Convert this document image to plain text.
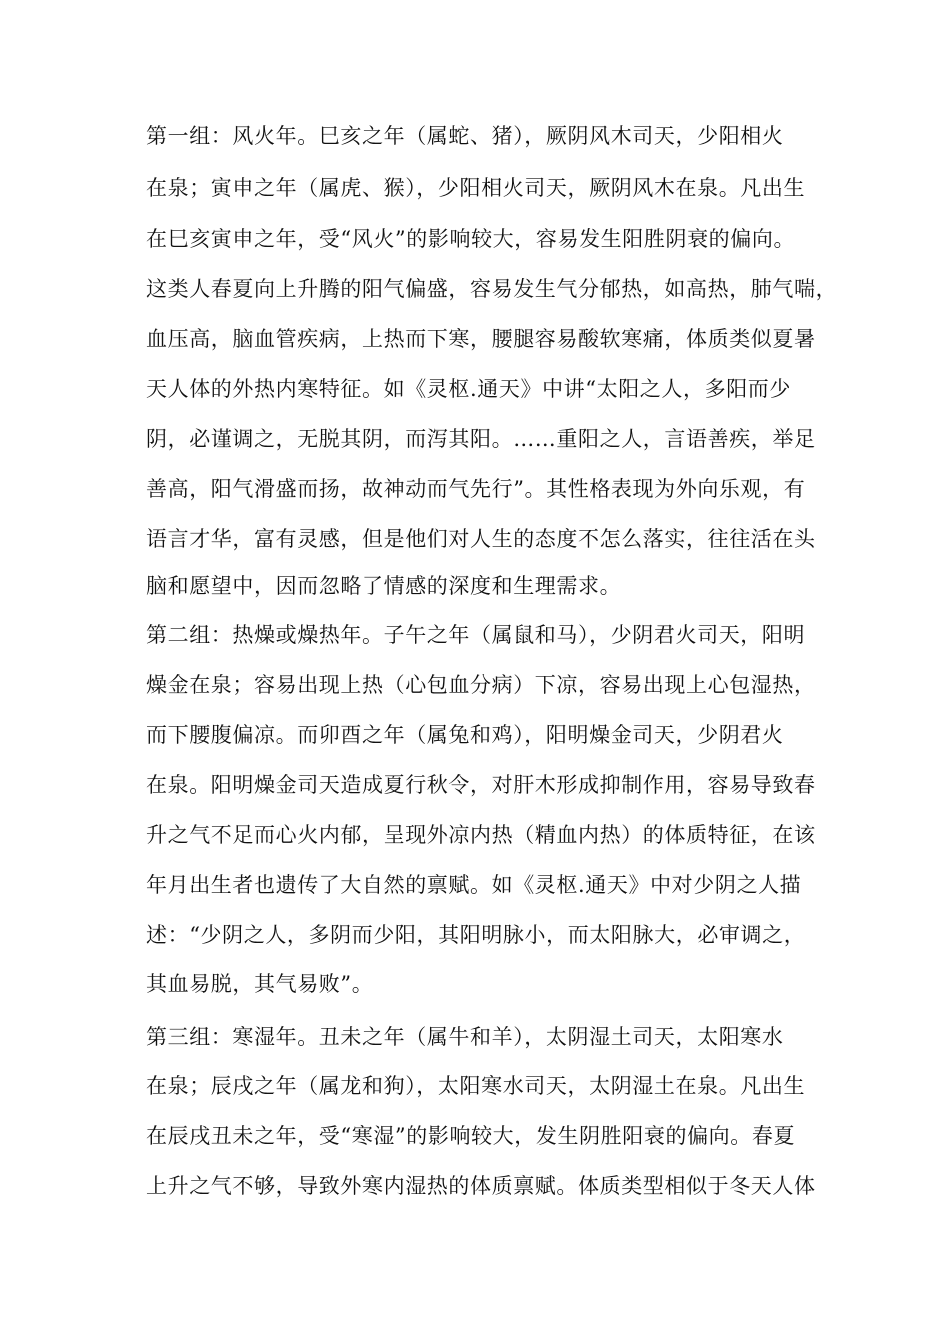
第一组：风火年。巳亥之年（属蛇、猪），厥阴风木司天，少阳相火
在泉；寅申之年（属虎、猴），少阳相火司天，厥阴风木在泉。凡出生
在巳亥寅申之年，受“风火”的影响较大，容易发生阳胜阴衰的偏向。
这类人春夏向上升腾的阳气偏盛，容易发生气分郁热，如高热，肺气喘，
血压高，脑血管疾病，上热而下寒，腰腿容易酸软寒痛，体质类似夏暑
天人体的外热内寒特征。如《灵枢.通天》中讲“太阳之人，多阳而少
阴，必谨调之，无脱其阴，而泻其阳。……重阳之人，言语善疾，举足
善高，阳气滑盛而扬，故神动而气先行”。其性格表现为外向乐观，有
语言才华，富有灵感，但是他们对人生的态度不怎么落实，往往活在头
脑和愿望中，因而忽略了情感的深度和生理需求。
第二组：热燥或燥热年。子午之年（属鼠和马），少阴君火司天，阳明
燥金在泉；容易出现上热（心包血分病）下凉，容易出现上心包湿热，
而下腰腹偏凉。而卯酉之年（属兔和鸡），阳明燥金司天，少阴君火
在泉。阳明燥金司天造成夏行秋令，对肝木形成抑制作用，容易导致春
升之气不足而心火内郁，呈现外凉内热（精血内热）的体质特征，在该
年月出生者也遗传了大自然的禀赋。如《灵枢.通天》中对少阴之人描
述：“少阴之人，多阴而少阳，其阳明脉小，而太阳脉大，必审调之，
其血易脱，其气易败”。
第三组：寒湿年。丑未之年（属牛和羊），太阴湿土司天，太阳寒水
在泉；辰戌之年（属龙和狗），太阳寒水司天，太阴湿土在泉。凡出生
在辰戌丑未之年，受“寒湿”的影响较大，发生阴胜阳衰的偏向。春夏
上升之气不够，导致外寒内湿热的体质禀赋。体质类型相似于冬天人体
